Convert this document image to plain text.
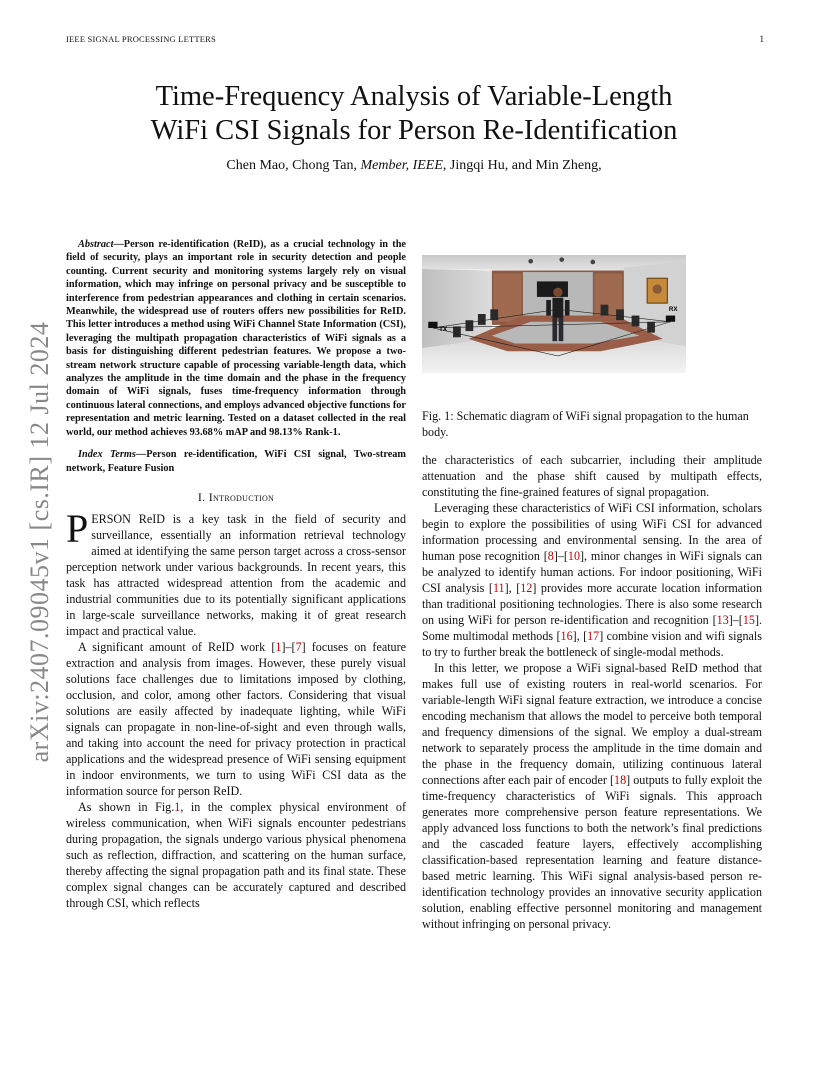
IEEE SIGNAL PROCESSING LETTERS	1
Time-Frequency Analysis of Variable-Length
WiFi CSI Signals for Person Re-Identification
Chen Mao, Chong Tan, Member, IEEE, Jingqi Hu, and Min Zheng,
arXiv:2407.09045v1 [cs.IR] 12 Jul 2024

Abstract—Person re-identification (ReID), as a crucial technology in the field of security, plays an important role in security detection and people counting. Current security and monitoring systems largely rely on visual information, which may infringe on personal privacy and be susceptible to interference from pedestrian appearances and clothing in certain scenarios. Meanwhile, the widespread use of routers offers new possibilities for ReID. This letter introduces a method using WiFi Channel State Information (CSI), leveraging the multipath propagation characteristics of WiFi signals as a basis for distinguishing different pedestrian features. We propose a two-stream network structure capable of processing variable-length data, which analyzes the amplitude in the time domain and the phase in the frequency domain of WiFi signals, fuses time-frequency information through continuous lateral connections, and employs advanced objective functions for representation and metric learning. Tested on a dataset collected in the real world, our method achieves 93.68% mAP and 98.13% Rank-1.

Index Terms—Person re-identification, WiFi CSI signal, Two-stream network, Feature Fusion

I. Introduction

PERSON ReID is a key task in the field of security and surveillance, essentially an information retrieval technology aimed at identifying the same person target across a cross-sensor perception network under various backgrounds. In recent years, this task has attracted widespread attention from the academic and industrial communities due to its potentially significant applications in large-scale surveillance networks, making it of great research impact and practical value.

A significant amount of ReID work [1]–[7] focuses on feature extraction and analysis from images. However, these purely visual solutions face challenges due to limitations imposed by clothing, occlusion, and color, among other factors. Considering that visual solutions are easily affected by inadequate lighting, while WiFi signals can propagate in non-line-of-sight and even through walls, and taking into account the need for privacy protection in practical applications and the widespread presence of WiFi sensing equipment in indoor environments, we turn to using WiFi CSI data as the information source for person ReID.

As shown in Fig.1, in the complex physical environment of wireless communication, when WiFi signals encounter pedestrians during propagation, the signals undergo various physical phenomena such as reflection, diffraction, and scattering on the human surface, thereby affecting the signal propagation path and its final state. These complex signal changes can be accurately captured and described through CSI, which reflects

TX
RX
Fig. 1: Schematic diagram of WiFi signal propagation to the human body.

the characteristics of each subcarrier, including their amplitude attenuation and the phase shift caused by multipath effects, constituting the fine-grained features of signal propagation.

Leveraging these characteristics of WiFi CSI information, scholars begin to explore the possibilities of using WiFi CSI for advanced information processing and environmental sensing. In the area of human pose recognition [8]–[10], minor changes in WiFi signals can be analyzed to identify human actions. For indoor positioning, WiFi CSI analysis [11], [12] provides more accurate location information than traditional positioning technologies. There is also some research on using WiFi for person re-identification and recognition [13]–[15]. Some multimodal methods [16], [17] combine vision and wifi signals to try to further break the bottleneck of single-modal methods.

In this letter, we propose a WiFi signal-based ReID method that makes full use of existing routers in real-world scenarios. For variable-length WiFi signal feature extraction, we introduce a concise encoding mechanism that allows the model to perceive both temporal and frequency dimensions of the signal. We employ a dual-stream network to separately process the amplitude in the time domain and the phase in the frequency domain, utilizing continuous lateral connections after each pair of encoder [18] outputs to fully exploit the time-frequency characteristics of WiFi signals. This approach generates more comprehensive person feature representations. We apply advanced loss functions to both the network’s final predictions and the cascaded feature layers, effectively accomplishing classification-based representation learning and feature distance-based metric learning. This WiFi signal analysis-based person re-identification technology provides an innovative security application solution, enabling effective personnel monitoring and management without infringing on personal privacy.
